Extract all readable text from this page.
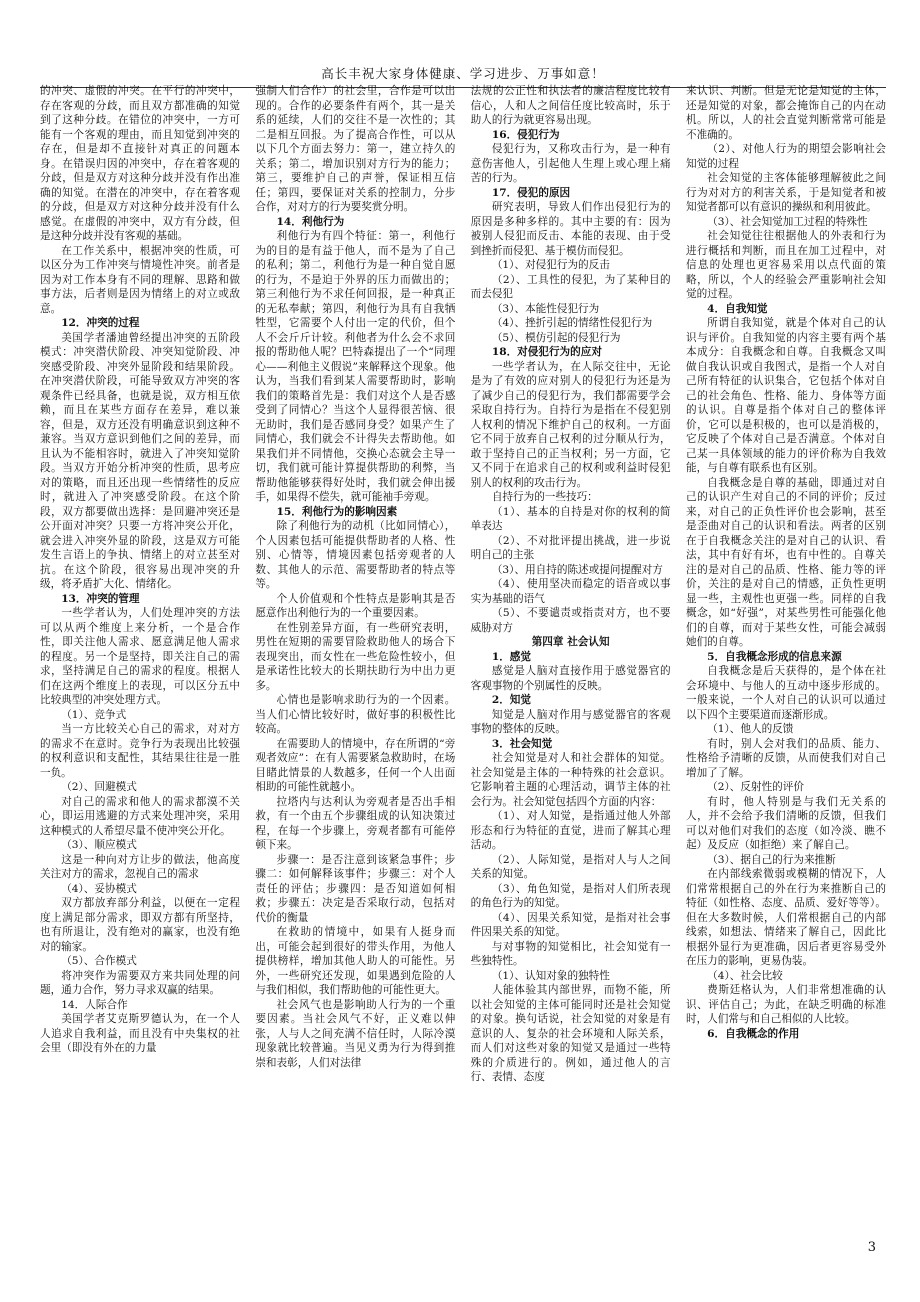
高长丰祝大家身体健康、学习进步、万事如意！

的冲突、虚假的冲突。在平行的冲突中，存在客观的分歧，而且双方都准确的知觉到了这种分歧。在错位的冲突中，一方可能有一个客观的理由，而且知觉到冲突的存在，但是却不直接针对真正的问题本身。在错误归因的冲突中，存在着客观的分歧，但是双方对这种分歧并没有作出准确的知觉。在潜在的冲突中，存在着客观的分歧，但是双方对这种分歧并没有什么感觉。在虚假的冲突中，双方有分歧，但是这种分歧并没有客观的基础。

在工作关系中，根据冲突的性质，可以区分为工作冲突与情境性冲突。前者是因为对工作本身有不同的理解、思路和做事方法，后者则是因为情绪上的对立或敌意。

12．冲突的过程

美国学者潘迪曾经提出冲突的五阶段模式：冲突潜伏阶段、冲突知觉阶段、冲突感受阶段、冲突外显阶段和结果阶段。在冲突潜伏阶段，可能导致双方冲突的客观条件已经具备，也就是说，双方相互依赖，而且在某些方面存在差异，难以兼容，但是，双方还没有明确意识到这种不兼容。当双方意识到他们之间的差异，而且认为不能相容时，就进入了冲突知觉阶段。当双方开始分析冲突的性质，思考应对的策略，而且还出现一些情绪性的反应时，就进入了冲突感受阶段。在这个阶段，双方都要做出选择：是回避冲突还是公开面对冲突？只要一方将冲突公开化，就会进入冲突外显的阶段，这是双方可能发生言语上的争执、情绪上的对立甚至对抗。在这个阶段，很容易出现冲突的升级，将矛盾扩大化、情绪化。

13．冲突的管理

一些学者认为，人们处理冲突的方法可以从两个维度上来分析，一个是合作性，即关注他人需求、愿意满足他人需求的程度。另一个是坚持，即关注自己的需求，坚持满足自己的需求的程度。根据人们在这两个维度上的表现，可以区分五中比较典型的冲突处理方式。

（1）、竞争式

当一方比较关心自己的需求，对对方的需求不在意时。竞争行为表现出比较强的权利意识和支配性，其结果往往是一胜一负。

（2）、回避模式

对自己的需求和他人的需求都漠不关心，即运用逃避的方式来处理冲突，采用这种模式的人希望尽量不使冲突公开化。

（3）、顺应模式

这是一种向对方让步的做法，他高度关注对方的需求，忽视自己的需求

（4）、妥协模式

双方都放弃部分利益，以便在一定程度上满足部分需求，即双方都有所坚持，也有所退让，没有绝对的赢家，也没有绝对的输家。

（5）、合作模式

将冲突作为需要双方来共同处理的问题，通力合作，努力寻求双赢的结果。

14．人际合作

美国学者艾克斯罗德认为，在一个人人追求自我利益，而且没有中央集权的社会里（即没有外在的力量

强制人们合作）的社会里，合作是可以出现的。合作的必要条件有两个，其一是关系的延续，人们的交往不是一次性的；其二是相互回报。为了提高合作性，可以从以下几个方面去努力：第一，建立持久的关系；第二，增加识别对方行为的能力；第三，要维护自己的声誉，保证相互信任；第四，要保证对关系的控制力，分步合作，对对方的行为要奖赏分明。

14．利他行为

利他行为有四个特征：第一，利他行为的目的是有益于他人，而不是为了自己的私利；第二，利他行为是一种自觉自愿的行为，不是迫于外界的压力而做出的；第三利他行为不求任何回报，是一种真正的无私奉献；第四，利他行为具有自我牺牲型，它需要个人付出一定的代价，但个人不会斤斤计较。利他者为什么会不求回报的帮助他人呢？巴特森提出了一个“同理心——利他主义假说”来解释这个现象。他认为，当我们看到某人需要帮助时，影响我们的策略首先是：我们对这个人是否感受到了同情心？当这个人显得很苦恼、很无助时，我们是否感同身受？如果产生了同情心，我们就会不计得失去帮助他。如果我们并不同情他，交换心态就会主导一切，我们就可能计算提供帮助的利弊，当帮助他能够获得好处时，我们就会伸出援手，如果得不偿失，就可能袖手旁观。

15．利他行为的影响因素

除了利他行为的动机（比如同情心），个人因素包括可能提供帮助者的人格、性别、心情等，情境因素包括旁观者的人数、其他人的示范、需要帮助者的特点等等。

个人价值观和个性特点是影响其是否愿意作出利他行为的一个重要因素。

在性别差异方面，有一些研究表明，男性在短期的需要冒险救助他人的场合下表现突出，而女性在一些危险性较小，但是承诺性比较大的长期扶助行为中出力更多。

心情也是影响求助行为的一个因素。当人们心情比较好时，做好事的积极性比较高。

在需要助人的情境中，存在所谓的“旁观者效应”：在有人需要紧急救助时，在场目睹此情景的人数越多，任何一个人出面相助的可能性就越小。

拉塔内与达利认为旁观者是否出手相救，有一个由五个步骤组成的认知决策过程，在每一个步骤上，旁观者都有可能停顿下来。

步骤一：是否注意到该紧急事件；步骤二：如何解释该事件；步骤三：对个人责任的评估；步骤四：是否知道如何相救；步骤五：决定是否采取行动，包括对代价的衡量

在救助的情境中，如果有人挺身而出，可能会起到很好的带头作用，为他人提供榜样，增加其他人助人的可能性。另外，一些研究还发现，如果遇到危险的人与我们相似，我们帮助他的可能性更大。

社会风气也是影响助人行为的一个重要因素。当社会风气不好，正义难以伸张，人与人之间充满不信任时，人际冷漠现象就比较普遍。当见义勇为行为得到推崇和表彰，人们对法律

法规的公正性和执法者的廉洁程度比较有信心，人和人之间信任度比较高时，乐于助人的行为就更容易出现。

16．侵犯行为

侵犯行为，又称攻击行为，是一种有意伤害他人，引起他人生理上或心理上痛苦的行为。

17．侵犯的原因

研究表明，导致人们作出侵犯行为的原因是多种多样的。其中主要的有：因为被别人侵犯而反击、本能的表现、由于受到挫折而侵犯、基于模仿而侵犯。

（1）、对侵犯行为的反击

（2）、工具性的侵犯，为了某种目的而去侵犯

（3）、本能性侵犯行为

（4）、挫折引起的情绪性侵犯行为

（5）、模仿引起的侵犯行为

18．对侵犯行为的应对

一些学者认为，在人际交往中，无论是为了有效的应对别人的侵犯行为还是为了减少自己的侵犯行为，我们都需要学会采取自持行为。自持行为是指在不侵犯别人权利的情况下维护自己的权利。一方面它不同于放弃自己权利的过分顺从行为，敢于坚持自己的正当权利；另一方面，它又不同于在追求自己的权利或利益时侵犯别人的权利的攻击行为。

自持行为的一些技巧：

（1）、基本的自持是对你的权利的简单表达

（2）、不对批评提出挑战，进一步说明自己的主张

（3）、用自持的陈述或提问提醒对方

（4）、使用坚决而稳定的语音或以事实为基础的语气

（5）、不要谴责或指责对方，也不要威胁对方

第四章 社会认知

1．感觉

感觉是人脑对直接作用于感觉器官的客观事物的个别属性的反映。

2．知觉

知觉是人脑对作用与感觉器官的客观事物的整体的反映。

3．社会知觉

社会知觉是对人和社会群体的知觉。社会知觉是主体的一种特殊的社会意识。它影响着主题的心理活动，调节主体的社会行为。社会知觉包括四个方面的内容：

（1）、对人知觉，是指通过他人外部形态和行为特征的直觉，进而了解其心理活动。

（2）、人际知觉，是指对人与人之间关系的知觉。

（3）、角色知觉，是指对人们所表现的角色行为的知觉。

（4）、因果关系知觉，是指对社会事件因果关系的知觉。

与对事物的知觉相比，社会知觉有一些独特性。

（1）、认知对象的独特性

人能体验其内部世界，而物不能，所以社会知觉的主体可能同时还是社会知觉的对象。换句话说，社会知觉的对象是有意识的人、复杂的社会环境和人际关系，而人们对这些对象的知觉又是通过一些特殊的介质进行的。例如，通过他人的言行、表情、态度

来认识、判断。但是无论是知觉的主体，还是知觉的对象，都会掩饰自己的内在动机。所以，人的社会直觉判断常常可能是不准确的。

（2）、对他人行为的期望会影响社会知觉的过程

社会知觉的主客体能够理解彼此之间行为对对方的利害关系，于是知觉者和被知觉者都可以有意识的操纵和利用彼此。

（3）、社会知觉加工过程的特殊性

社会知觉往往根据他人的外表和行为进行概括和判断，而且在加工过程中，对信息的处理也更容易采用以点代面的策略，所以，个人的经验会严重影响社会知觉的过程。

4．自我知觉

所谓自我知觉，就是个体对自己的认识与评价。自我知觉的内容主要有两个基本成分：自我概念和自尊。自我概念又叫做自我认识或自我图式，是指一个人对自己所有特征的认识集合，它包括个体对自己的社会角色、性格、能力、身体等方面的认识。自尊是指个体对自己的整体评价，它可以是积极的，也可以是消极的，它反映了个体对自己是否满意。个体对自己某一具体领域的能力的评价称为自我效能，与自尊有联系也有区别。

自我概念是自尊的基础，即通过对自己的认识产生对自己的不同的评价；反过来，对自己的正负性评价也会影响，甚至是歪曲对自己的认识和看法。两者的区别在于自我概念关注的是对自己的认识、看法，其中有好有坏，也有中性的。自尊关注的是对自己的品质、性格、能力等的评价，关注的是对自己的情感，正负性更明显一些，主观性也更强一些。同样的自我概念，如“好强”，对某些男性可能强化他们的自尊，而对于某些女性，可能会减弱她们的自尊。

5．自我概念形成的信息来源

自我概念是后天获得的，是个体在社会环境中、与他人的互动中逐步形成的。一般来说，一个人对自己的认识可以通过以下四个主要渠道而逐渐形成。

（1）、他人的反馈

有时，别人会对我们的品质、能力、性格给予清晰的反馈，从而使我们对自己增加了了解。

（2）、反射性的评价

有时，他人特别是与我们无关系的人，并不会给予我们清晰的反馈，但我们可以对他们对我们的态度（如冷淡、瞧不起）及反应（如拒绝）来了解自己。

（3）、据自己的行为来推断

在内部线索微弱或模糊的情况下，人们常常根据自己的外在行为来推断自己的特征（如性格、态度、品质、爱好等等）。但在大多数时候，人们常根据自己的内部线索，如想法、情绪来了解自己，因此比根据外显行为更准确，因后者更容易受外在压力的影响，更易伪装。

（4）、社会比较

费斯廷格认为，人们非常想准确的认识、评估自己；为此，在缺乏明确的标准时，人们常与和自己相似的人比较。

6．自我概念的作用

3
